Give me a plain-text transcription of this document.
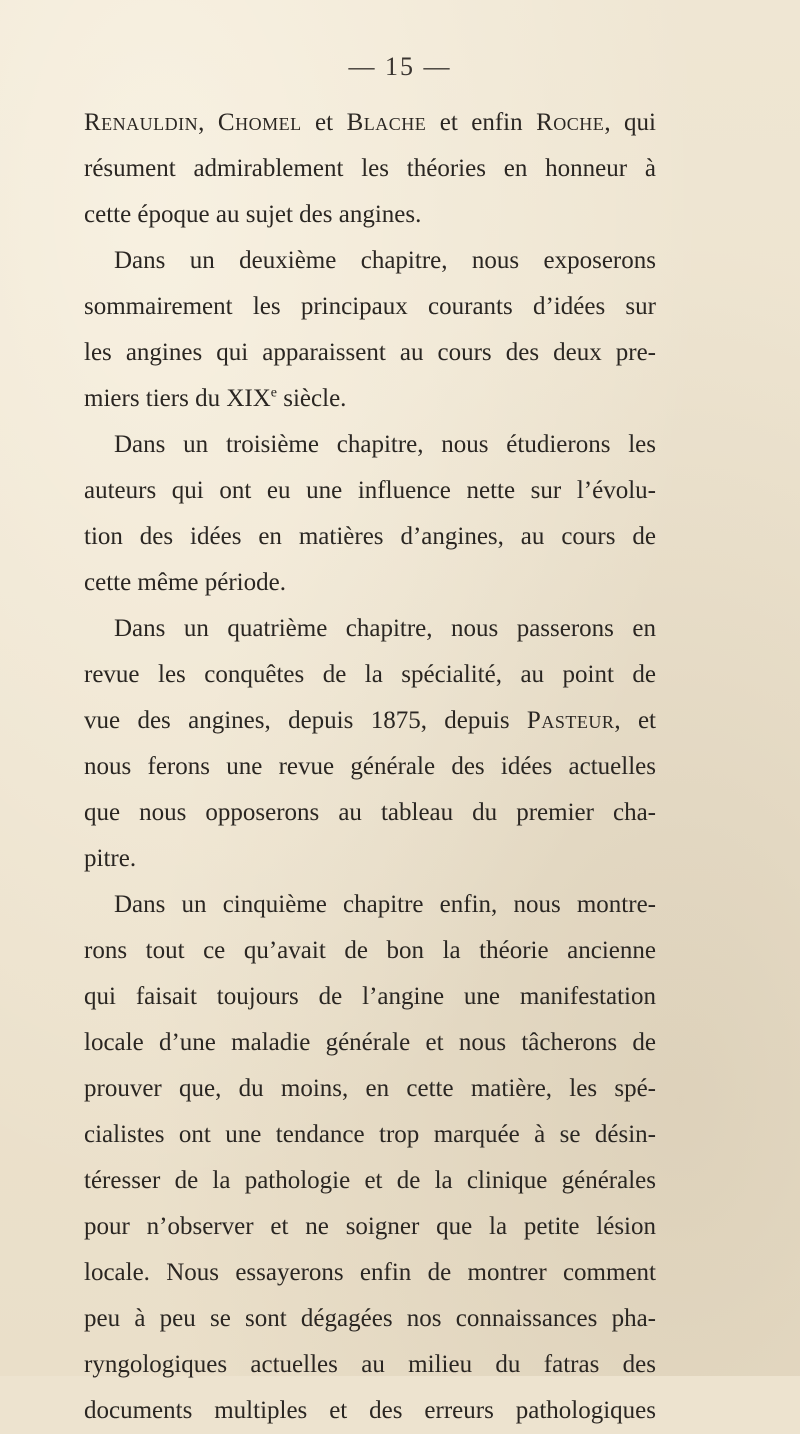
— 15 —
Renauldin, Chomel et Blache et enfin Roche, qui
résument admirablement les théories en honneur à
cette époque au sujet des angines.
Dans un deuxième chapitre, nous exposerons
sommairement les principaux courants d’idées sur
les angines qui apparaissent au cours des deux pre-
miers tiers du XIXe siècle.
Dans un troisième chapitre, nous étudierons les
auteurs qui ont eu une influence nette sur l’évolu-
tion des idées en matières d’angines, au cours de
cette même période.
Dans un quatrième chapitre, nous passerons en
revue les conquêtes de la spécialité, au point de
vue des angines, depuis 1875, depuis Pasteur, et
nous ferons une revue générale des idées actuelles
que nous opposerons au tableau du premier cha-
pitre.
Dans un cinquième chapitre enfin, nous montre-
rons tout ce qu’avait de bon la théorie ancienne
qui faisait toujours de l’angine une manifestation
locale d’une maladie générale et nous tâcherons de
prouver que, du moins, en cette matière, les spé-
cialistes ont une tendance trop marquée à se désin-
téresser de la pathologie et de la clinique générales
pour n’observer et ne soigner que la petite lésion
locale. Nous essayerons enfin de montrer comment
peu à peu se sont dégagées nos connaissances pha-
ryngologiques actuelles au milieu du fatras des
documents multiples et des erreurs pathologiques
